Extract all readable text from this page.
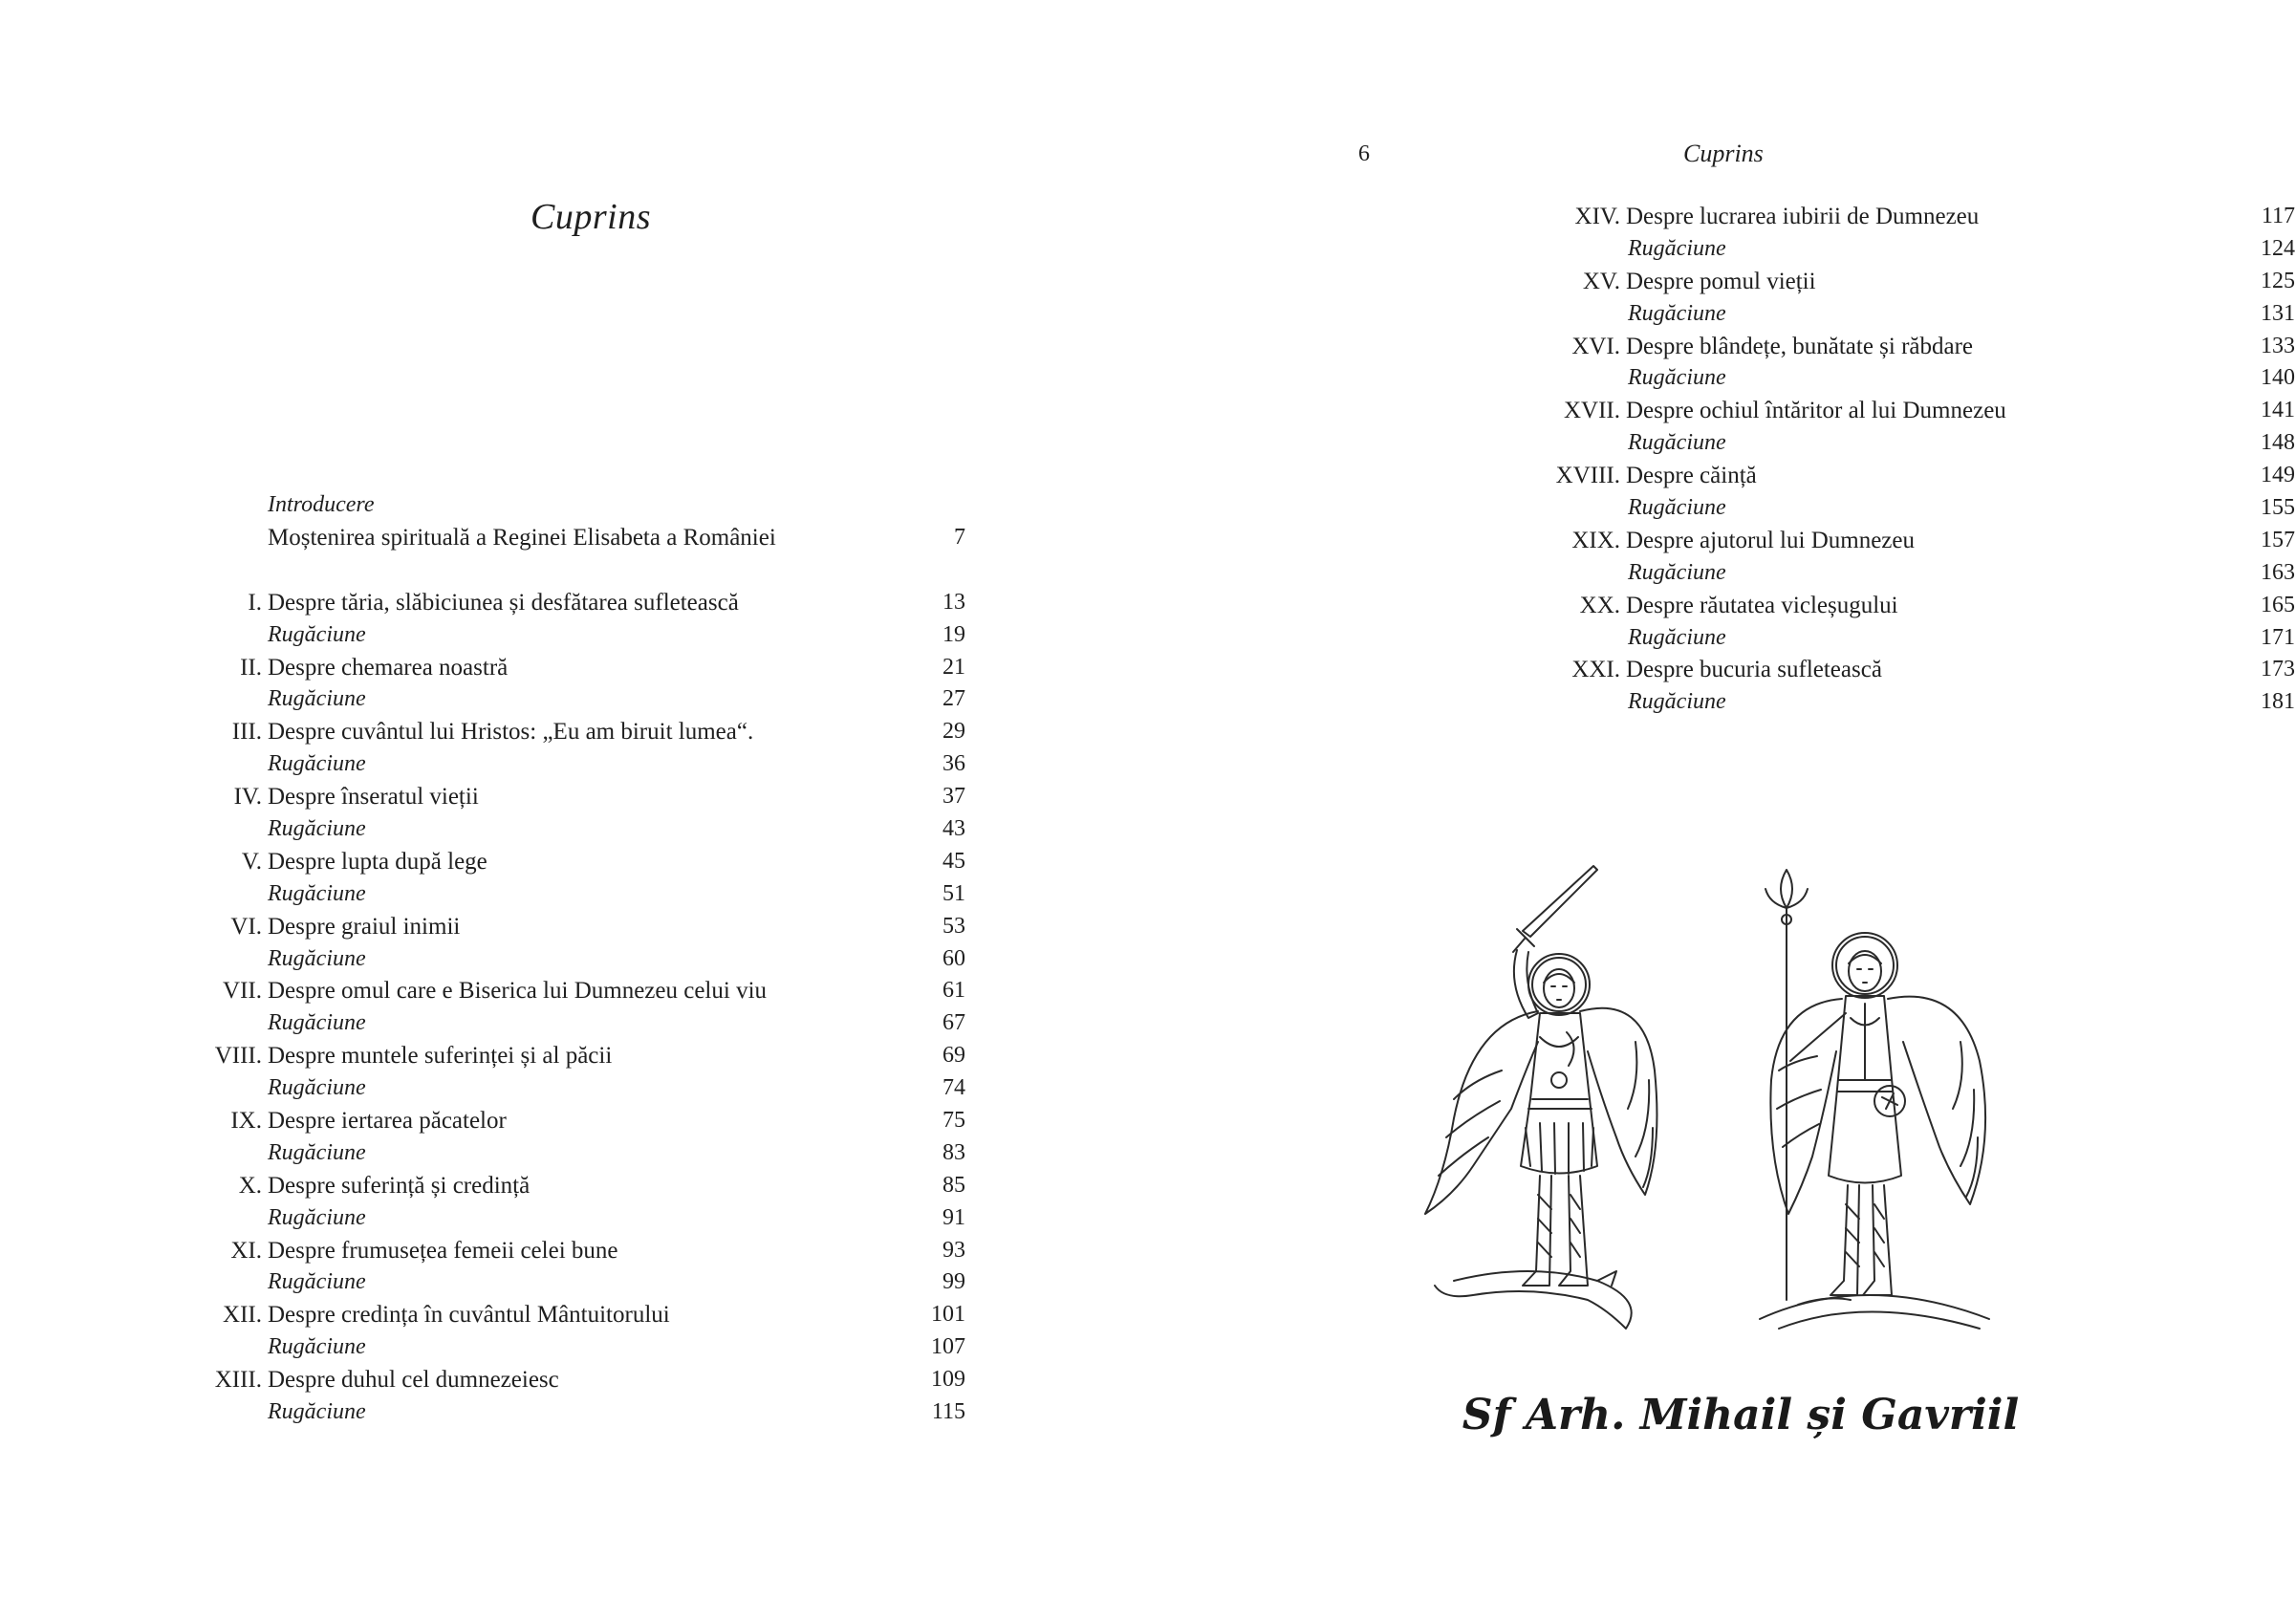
Cuprins
Introducere
Moștenirea spirituală a Reginei Elisabeta a României	7
I. Despre tăria, slăbiciunea și desfătarea sufletească	13
Rugăciune	19
II. Despre chemarea noastră	21
Rugăciune	27
III. Despre cuvântul lui Hristos: „Eu am biruit lumea“.	29
Rugăciune	36
IV. Despre înseratul vieții	37
Rugăciune	43
V. Despre lupta după lege	45
Rugăciune	51
VI. Despre graiul inimii	53
Rugăciune	60
VII. Despre omul care e Biserica lui Dumnezeu celui viu	61
Rugăciune	67
VIII. Despre muntele suferinței și al păcii	69
Rugăciune	74
IX. Despre iertarea păcatelor	75
Rugăciune	83
X. Despre suferință și credință	85
Rugăciune	91
XI. Despre frumusețea femeii celei bune	93
Rugăciune	99
XII. Despre credința în cuvântul Mântuitorului	101
Rugăciune	107
XIII. Despre duhul cel dumnezeiesc	109
Rugăciune	115
6	Cuprins
XIV. Despre lucrarea iubirii de Dumnezeu	117
Rugăciune	124
XV. Despre pomul vieții	125
Rugăciune	131
XVI. Despre blândețe, bunătate și răbdare	133
Rugăciune	140
XVII. Despre ochiul întăritor al lui Dumnezeu	141
Rugăciune	148
XVIII. Despre căință	149
Rugăciune	155
XIX. Despre ajutorul lui Dumnezeu	157
Rugăciune	163
XX. Despre răutatea vicleșugului	165
Rugăciune	171
XXI. Despre bucuria sufletească	173
Rugăciune	181
Sf Arh. Mihail și Gavriil
